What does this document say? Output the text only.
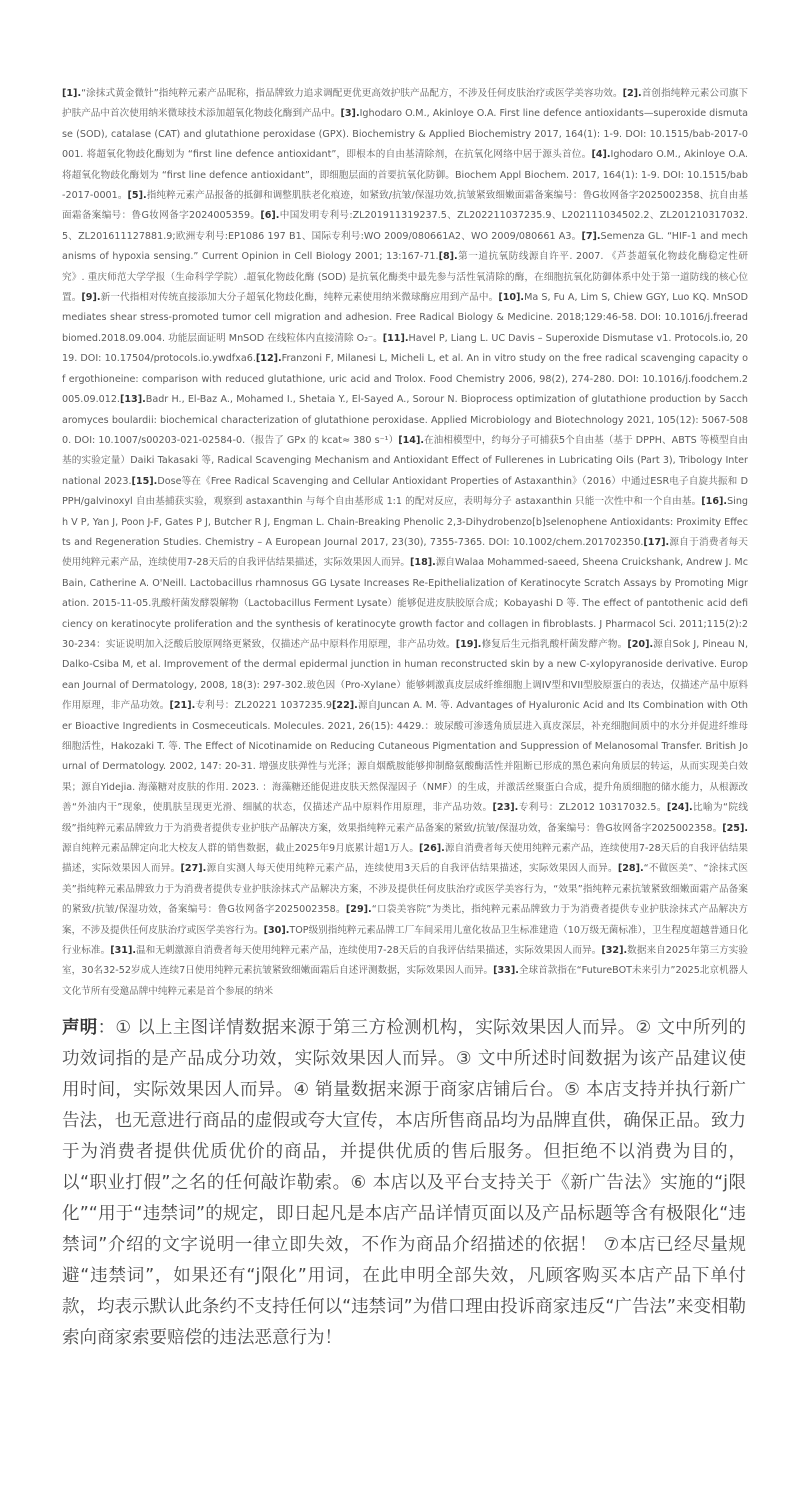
[1].“涂抹式黄金微针”指纯粹元素产品昵称，指品牌致力追求调配更优更高效护肤产品配方，不涉及任何皮肤治疗或医学美容功效。[2].首创指纯粹元素公司旗下护肤产品中首次使用纳米微球技术添加超氧化物歧化酶到产品中。[3].Ighodaro O.M., Akinloye O.A. First line defence antioxidants—superoxide dismutase (SOD), catalase (CAT) and glutathione peroxidase (GPX). Biochemistry & Applied Biochemistry 2017, 164(1): 1-9. DOI: 10.1515/bab-2017-0001. 将超氧化物歧化酶划为 “first line defence antioxidant”，即根本的自由基清除剂，在抗氧化网络中居于源头首位。[4].Ighodaro O.M., Akinloye O.A.将超氧化物歧化酶划为 “first line defence antioxidant”，即细胞层面的首要抗氧化防御。Biochem Appl Biochem. 2017, 164(1): 1-9. DOI: 10.1515/bab-2017-0001。[5].指纯粹元素产品报备的抵御和调整肌肤老化痕迹，如紧致/抗皱/保湿功效,抗皱紧致细嫩面霜备案编号：鲁G妆网备字2025002358、抗自由基面霜备案编号：鲁G妆网备字2024005359。[6].中国发明专利号:ZL201911319237.5、ZL202211037235.9、L202111034502.2、ZL201210317032.5、ZL201611127881.9;欧洲专利号:EP1086 197 B1、国际专利号:WO 2009/080661A2、WO 2009/080661 A3。[7].Semenza GL. “HIF-1 and mechanisms of hypoxia sensing.” Current Opinion in Cell Biology 2001; 13:167-71.[8].第一道抗氧防线源自许平. 2007. 《芦荟超氧化物歧化酶稳定性研究》. 重庆师范大学学报（生命科学学院）.超氧化物歧化酶 (SOD) 是抗氧化酶类中最先参与活性氧清除的酶，在细胞抗氧化防御体系中处于第一道防线的核心位置。[9].新一代指相对传统直接添加大分子超氧化物歧化酶，纯粹元素使用纳米微球酶应用到产品中。[10].Ma S, Fu A, Lim S, Chiew GGY, Luo KQ. MnSOD mediates shear stress-promoted tumor cell migration and adhesion. Free Radical Biology & Medicine. 2018;129:46-58. DOI: 10.1016/j.freeradbiomed.2018.09.004. 功能层面证明 MnSOD 在线粒体内直接清除 O₂⁻。[11].Havel P, Liang L. UC Davis – Superoxide Dismutase v1. Protocols.io, 2019. DOI: 10.17504/protocols.io.ywdfxa6.[12].Franzoni F, Milanesi L, Micheli L, et al. An in vitro study on the free radical scavenging capacity of ergothioneine: comparison with reduced glutathione, uric acid and Trolox. Food Chemistry 2006, 98(2), 274-280. DOI: 10.1016/j.foodchem.2005.09.012.[13].Badr H., El-Baz A., Mohamed I., Shetaia Y., El-Sayed A., Sorour N. Bioprocess optimization of glutathione production by Saccharomyces boulardii: biochemical characterization of glutathione peroxidase. Applied Microbiology and Biotechnology 2021, 105(12): 5067-5080. DOI: 10.1007/s00203-021-02584-0.（报告了 GPx 的 kcat≈ 380 s⁻¹）[14].在油相模型中，约每分子可捕获5个自由基（基于 DPPH、ABTS 等模型自由基的实验定量）Daiki Takasaki 等, Radical Scavenging Mechanism and Antioxidant Effect of Fullerenes in Lubricating Oils (Part 3), Tribology International 2023.[15].Dose等在《Free Radical Scavenging and Cellular Antioxidant Properties of Astaxanthin》（2016）中通过ESR电子自旋共振和 DPPH/galvinoxyl 自由基捕获实验，观察到 astaxanthin 与每个自由基形成 1:1 的配对反应，表明每分子 astaxanthin 只能一次性中和一个自由基。[16].Singh V P, Yan J, Poon J-F, Gates P J, Butcher R J, Engman L. Chain-Breaking Phenolic 2,3-Dihydrobenzo[b]selenophene Antioxidants: Proximity Effects and Regeneration Studies. Chemistry – A European Journal 2017, 23(30), 7355-7365. DOI: 10.1002/chem.201702350.[17].源自于消费者每天使用纯粹元素产品，连续使用7-28天后的自我评估结果描述，实际效果因人而异。[18].源自Walaa Mohammed-saeed, Sheena Cruickshank, Andrew J. McBain, Catherine A. O'Neill. Lactobacillus rhamnosus GG Lysate Increases Re-Epithelialization of Keratinocyte Scratch Assays by Promoting Migration. 2015-11-05.乳酸杆菌发酵裂解物（Lactobacillus Ferment Lysate）能够促进皮肤胶原合成；Kobayashi D 等. The effect of pantothenic acid deficiency on keratinocyte proliferation and the synthesis of keratinocyte growth factor and collagen in fibroblasts. J Pharmacol Sci. 2011;115(2):230-234：实证说明加入泛酸后胶原网络更紧致，仅描述产品中原料作用原理，非产品功效。[19].修复后生元指乳酸杆菌发酵产物。[20].源自Sok J, Pineau N, Dalko-Csiba M, et al. Improvement of the dermal epidermal junction in human reconstructed skin by a new C-xylopyranoside derivative. European Journal of Dermatology, 2008, 18(3): 297-302.玻色因（Pro-Xylane）能够刺激真皮层成纤维细胞上调IV型和VII型胶原蛋白的表达，仅描述产品中原料作用原理，非产品功效。[21].专利号：ZL20221 1037235.9[22].源自Juncan A. M. 等. Advantages of Hyaluronic Acid and Its Combination with Other Bioactive Ingredients in Cosmeceuticals. Molecules. 2021, 26(15): 4429.：玻尿酸可渗透角质层进入真皮深层，补充细胞间质中的水分并促进纤维母细胞活性，Hakozaki T. 等. The Effect of Nicotinamide on Reducing Cutaneous Pigmentation and Suppression of Melanosomal Transfer. British Journal of Dermatology. 2002, 147: 20-31. 增强皮肤弹性与光泽；源自烟酰胺能够抑制酪氨酸酶活性并阻断已形成的黑色素向角质层的转运，从而实现美白效果；源自Yidejia. 海藻糖对皮肤的作用. 2023. ：海藻糖还能促进皮肤天然保湿因子（NMF）的生成，并激活丝聚蛋白合成，提升角质细胞的储水能力，从根源改善“外油内干”现象，使肌肤呈现更光滑、细腻的状态，仅描述产品中原料作用原理，非产品功效。[23].专利号：ZL2012 10317032.5。[24].比喻为“院线级”指纯粹元素品牌致力于为消费者提供专业护肤产品解决方案，效果指纯粹元素产品备案的紧致/抗皱/保湿功效，备案编号：鲁G妆网备字2025002358。[25].源自纯粹元素品牌定向北大校友人群的销售数据，截止2025年9月底累计超1万人。[26].源自消费者每天使用纯粹元素产品，连续使用7-28天后的自我评估结果描述，实际效果因人而异。[27].源自实测人每天使用纯粹元素产品，连续使用3天后的自我评估结果描述，实际效果因人而异。[28].“不做医美”、“涂抹式医美”指纯粹元素品牌致力于为消费者提供专业护肤涂抹式产品解决方案，不涉及提供任何皮肤治疗或医学美容行为，“效果”指纯粹元素抗皱紧致细嫩面霜产品备案的紧致/抗皱/保湿功效，备案编号：鲁G妆网备字2025002358。[29].“口袋美容院”为类比，指纯粹元素品牌致力于为消费者提供专业护肤涂抹式产品解决方案，不涉及提供任何皮肤治疗或医学美容行为。[30].TOP级别指纯粹元素品牌工厂车间采用儿童化妆品卫生标准建造（10万级无菌标准），卫生程度超越普通日化行业标准。[31].温和无刺激源自消费者每天使用纯粹元素产品，连续使用7-28天后的自我评估结果描述，实际效果因人而异。[32].数据来自2025年第三方实验室，30名32-52岁成人连续7日使用纯粹元素抗皱紧致细嫩面霜后自述评测数据，实际效果因人而异。[33].全球首款指在“FutureBOT未来引力”2025北京机器人文化节所有受邀品牌中纯粹元素是首个参展的纳米
声明：① 以上主图详情数据来源于第三方检测机构，实际效果因人而异。② 文中所列的功效词指的是产品成分功效，实际效果因人而异。③ 文中所述时间数据为该产品建议使用时间，实际效果因人而异。④ 销量数据来源于商家店铺后台。⑤ 本店支持并执行新广告法，也无意进行商品的虚假或夸大宣传，本店所售商品均为品牌直供，确保正品。致力于为消费者提供优质优价的商品，并提供优质的售后服务。但拒绝不以消费为目的，以“职业打假”之名的任何敲诈勒索。⑥ 本店以及平台支持关于《新广告法》实施的“j限化”“用于“违禁词”的规定，即日起凡是本店产品详情页面以及产品标题等含有极限化“违禁词”介绍的文字说明一律立即失效，不作为商品介绍描述的依据！ ⑦本店已经尽量规避“违禁词”，如果还有“j限化”用词，在此申明全部失效，凡顾客购买本店产品下单付款，均表示默认此条约不支持任何以“违禁词”为借口理由投诉商家违反“广告法”来变相勒索向商家索要赔偿的违法恶意行为！
